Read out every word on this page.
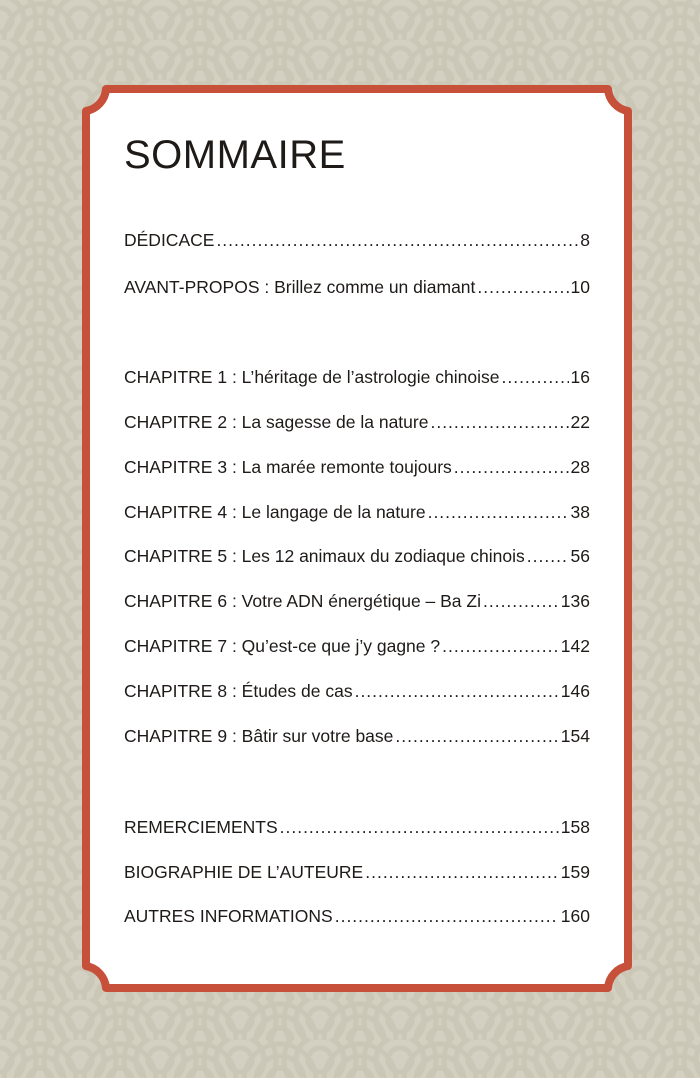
SOMMAIRE
DÉDICACE .....	8
AVANT-PROPOS : Brillez comme un diamant .....	10
CHAPITRE 1 : L’héritage de l’astrologie chinoise .....	16
CHAPITRE 2 : La sagesse de la nature .....	22
CHAPITRE 3 : La marée remonte toujours .....	28
CHAPITRE 4 : Le langage de la nature .....	38
CHAPITRE 5 : Les 12 animaux du zodiaque chinois .....	56
CHAPITRE 6 : Votre ADN énergétique – Ba Zi .....	136
CHAPITRE 7 : Qu’est-ce que j’y gagne ? .....	142
CHAPITRE 8 : Études de cas .....	146
CHAPITRE 9 : Bâtir sur votre base .....	154
REMERCIEMENTS .....	158
BIOGRAPHIE DE L’AUTEURE .....	159
AUTRES INFORMATIONS .....	160
